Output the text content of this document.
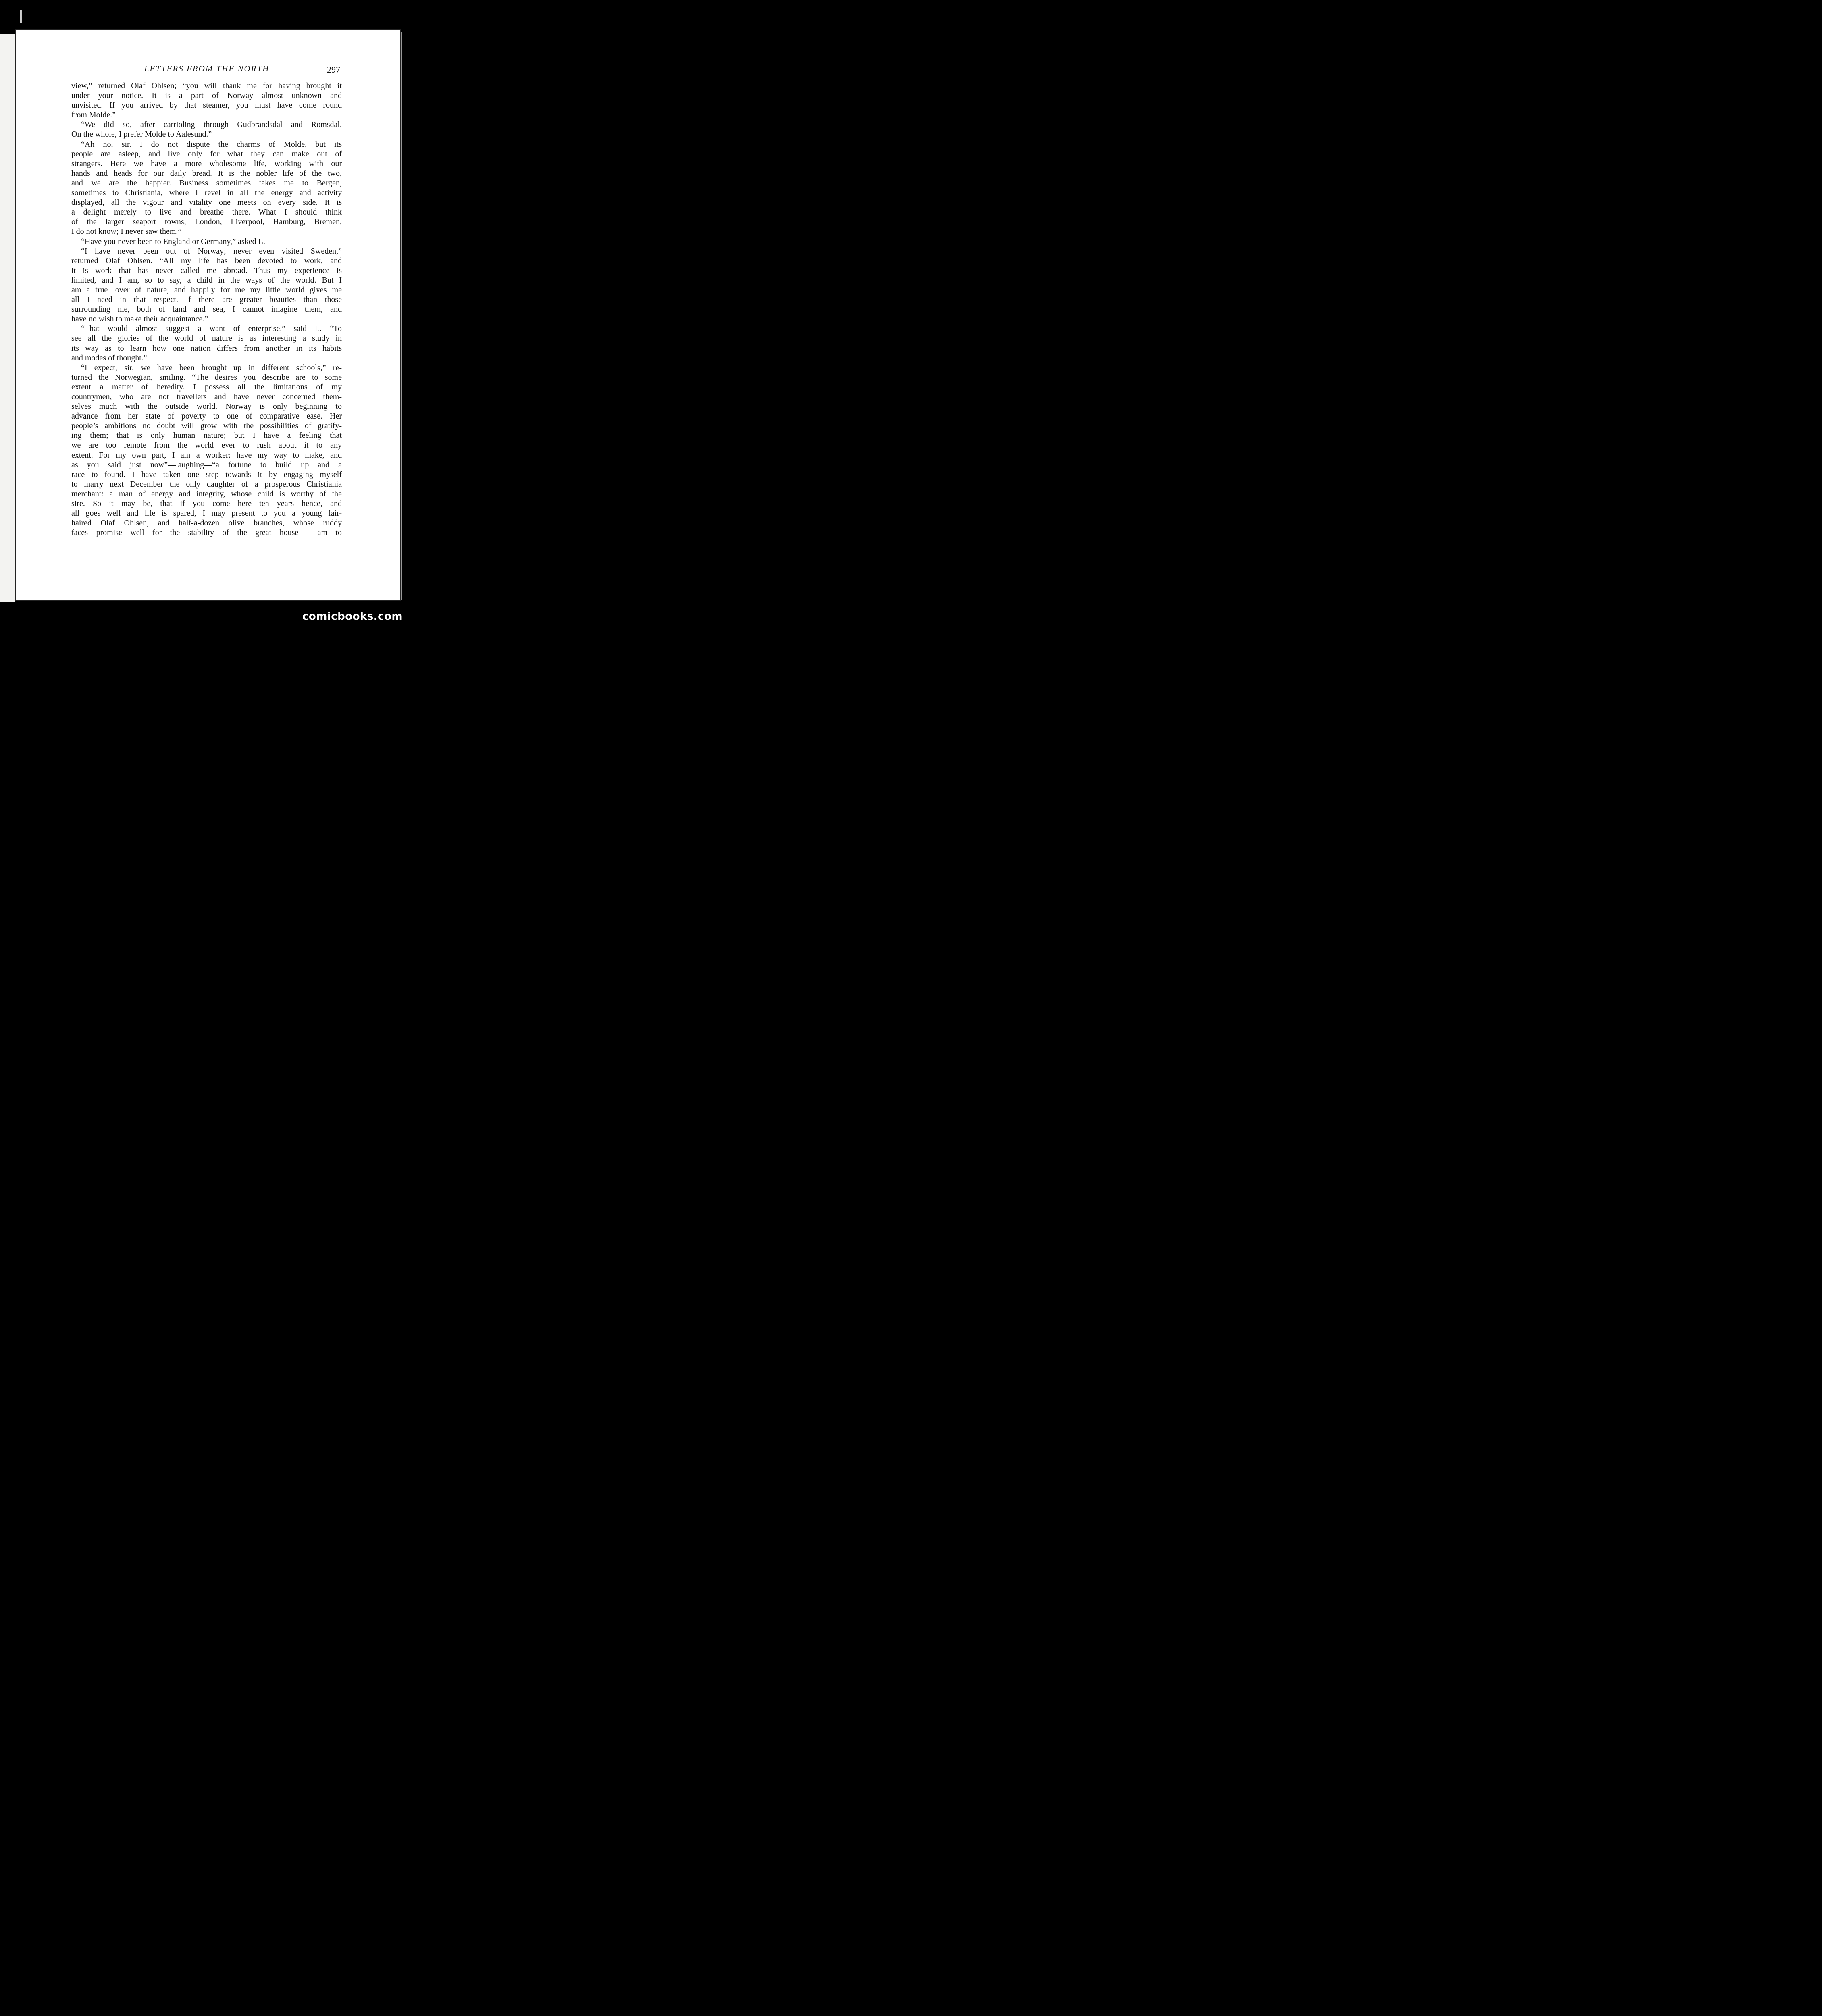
┃
LETTERS FROM THE NORTH	297
view,” returned Olaf Ohlsen; “you will thank me for having brought it
under your notice. It is a part of Norway almost unknown and
unvisited. If you arrived by that steamer, you must have come round
from Molde.”
“We did so, after carrioling through Gudbrandsdal and Romsdal.
On the whole, I prefer Molde to Aalesund.”
“Ah no, sir. I do not dispute the charms of Molde, but its
people are asleep, and live only for what they can make out of
strangers. Here we have a more wholesome life, working with our
hands and heads for our daily bread. It is the nobler life of the two,
and we are the happier. Business sometimes takes me to Bergen,
sometimes to Christiania, where I revel in all the energy and activity
displayed, all the vigour and vitality one meets on every side. It is
a delight merely to live and breathe there. What I should think
of the larger seaport towns, London, Liverpool, Hamburg, Bremen,
I do not know; I never saw them.”
“Have you never been to England or Germany,” asked L.
“I have never been out of Norway; never even visited Sweden,”
returned Olaf Ohlsen. “All my life has been devoted to work, and
it is work that has never called me abroad. Thus my experience is
limited, and I am, so to say, a child in the ways of the world. But I
am a true lover of nature, and happily for me my little world gives me
all I need in that respect. If there are greater beauties than those
surrounding me, both of land and sea, I cannot imagine them, and
have no wish to make their acquaintance.”
“That would almost suggest a want of enterprise,” said L. “To
see all the glories of the world of nature is as interesting a study in
its way as to learn how one nation differs from another in its habits
and modes of thought.”
“I expect, sir, we have been brought up in different schools,” re-
turned the Norwegian, smiling. “The desires you describe are to some
extent a matter of heredity. I possess all the limitations of my
countrymen, who are not travellers and have never concerned them-
selves much with the outside world. Norway is only beginning to
advance from her state of poverty to one of comparative ease. Her
people’s ambitions no doubt will grow with the possibilities of gratify-
ing them; that is only human nature; but I have a feeling that
we are too remote from the world ever to rush about it to any
extent. For my own part, I am a worker; have my way to make, and
as you said just now”—laughing—“a fortune to build up and a
race to found. I have taken one step towards it by engaging myself
to marry next December the only daughter of a prosperous Christiania
merchant: a man of energy and integrity, whose child is worthy of the
sire. So it may be, that if you come here ten years hence, and
all goes well and life is spared, I may present to you a young fair-
haired Olaf Ohlsen, and half-a-dozen olive branches, whose ruddy
faces promise well for the stability of the great house I am to
comicbooks.com
